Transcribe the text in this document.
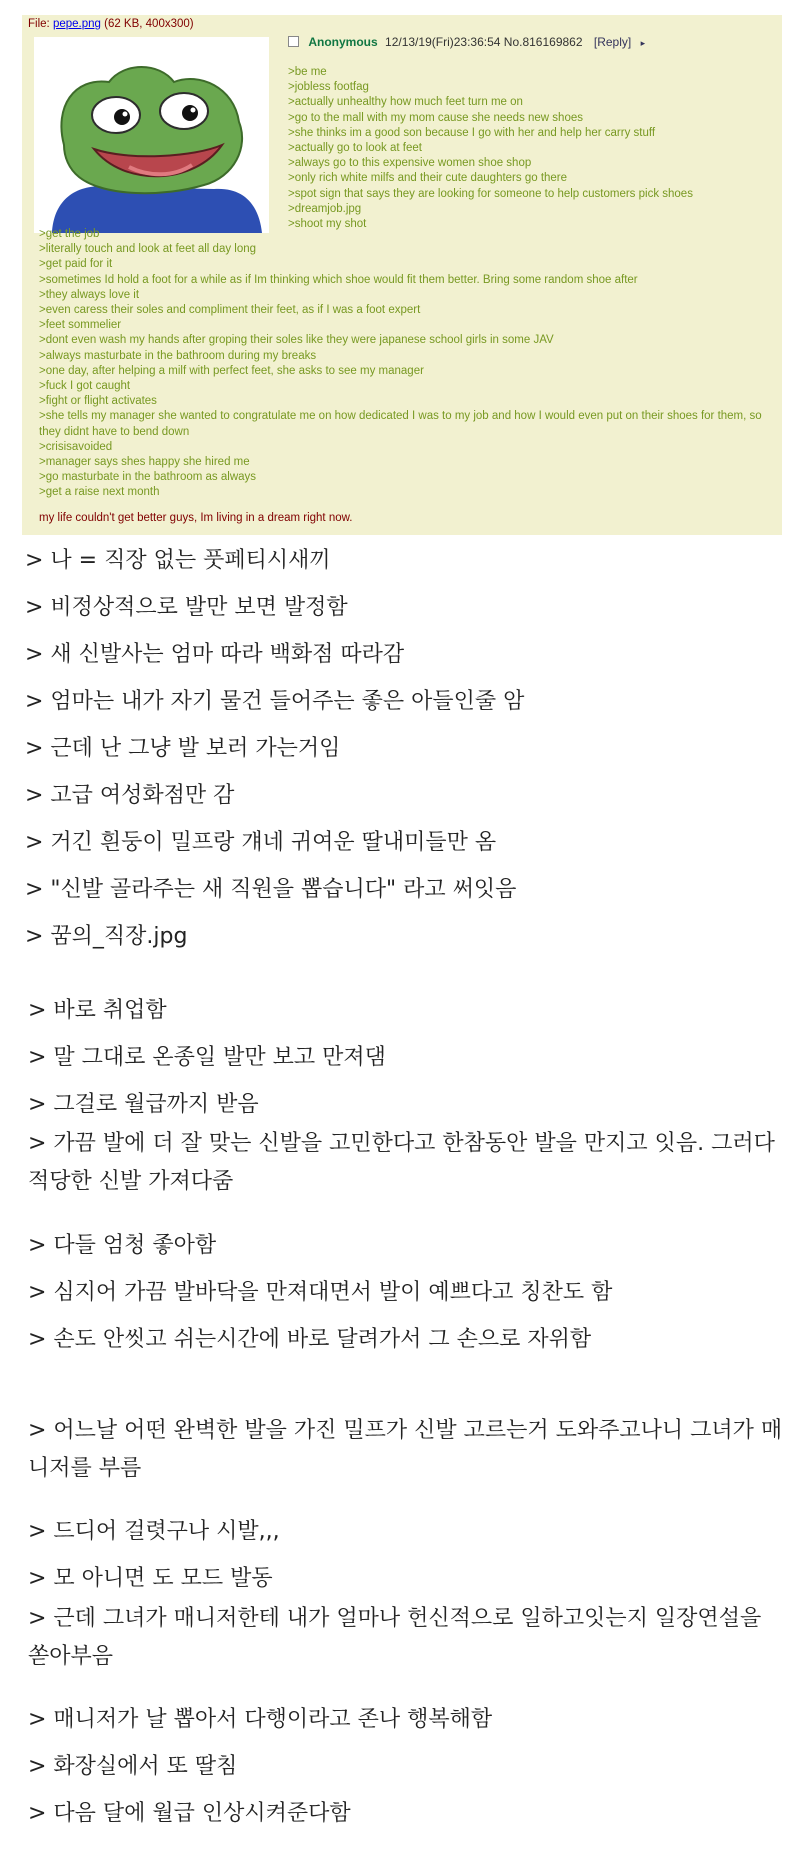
File: pepe.png (62 KB, 400x300)
Anonymous 12/13/19(Fri)23:36:54 No.816169862 [Reply] ▸
>be me
>jobless footfag
>actually unhealthy how much feet turn me on
>go to the mall with my mom cause she needs new shoes
>she thinks im a good son because I go with her and help her carry stuff
>actually go to look at feet
>always go to this expensive women shoe shop
>only rich white milfs and their cute daughters go there
>spot sign that says they are looking for someone to help customers pick shoes
>dreamjob.jpg
>shoot my shot
>get the job
>literally touch and look at feet all day long
>get paid for it
>sometimes Id hold a foot for a while as if Im thinking which shoe would fit them better. Bring some random shoe after
>they always love it
>even caress their soles and compliment their feet, as if I was a foot expert
>feet sommelier
>dont even wash my hands after groping their soles like they were japanese school girls in some JAV
>always masturbate in the bathroom during my breaks
>one day, after helping a milf with perfect feet, she asks to see my manager
>fuck I got caught
>fight or flight activates
>she tells my manager she wanted to congratulate me on how dedicated I was to my job and how I would even put on their shoes for them, so they didnt have to bend down
>crisisavoided
>manager says shes happy she hired me
>go masturbate in the bathroom as always
>get a raise next month
my life couldn't get better guys, Im living in a dream right now.
> 나 = 직장 없는 풋페티시새끼
> 비정상적으로 발만 보면 발정함
> 새 신발사는 엄마 따라 백화점 따라감
> 엄마는 내가 자기 물건 들어주는 좋은 아들인줄 암
> 근데 난 그냥 발 보러 가는거임
> 고급 여성화점만 감
> 거긴 흰둥이 밀프랑 걔네 귀여운 딸내미들만 옴
> "신발 골라주는 새 직원을 뽑습니다" 라고 써잇음
> 꿈의_직장.jpg
> 바로 취업함
> 말 그대로 온종일 발만 보고 만져댐
> 그걸로 월급까지 받음
> 가끔 발에 더 잘 맞는 신발을 고민한다고 한참동안 발을 만지고 잇음. 그러다 적당한 신발 가져다줌
> 다들 엄청 좋아함
> 심지어 가끔 발바닥을 만져대면서 발이 예쁘다고 칭찬도 함
> 손도 안씻고 쉬는시간에 바로 달려가서 그 손으로 자위함
> 어느날 어떤 완벽한 발을 가진 밀프가 신발 고르는거 도와주고나니 그녀가 매니저를 부름
> 드디어 걸렷구나 시발,,,
> 모 아니면 도 모드 발동
> 근데 그녀가 매니저한테 내가 얼마나 헌신적으로 일하고잇는지 일장연설을 쏟아부음
> 매니저가 날 뽑아서 다행이라고 존나 행복해함
> 화장실에서 또 딸침
> 다음 달에 월급 인상시켜준다함
